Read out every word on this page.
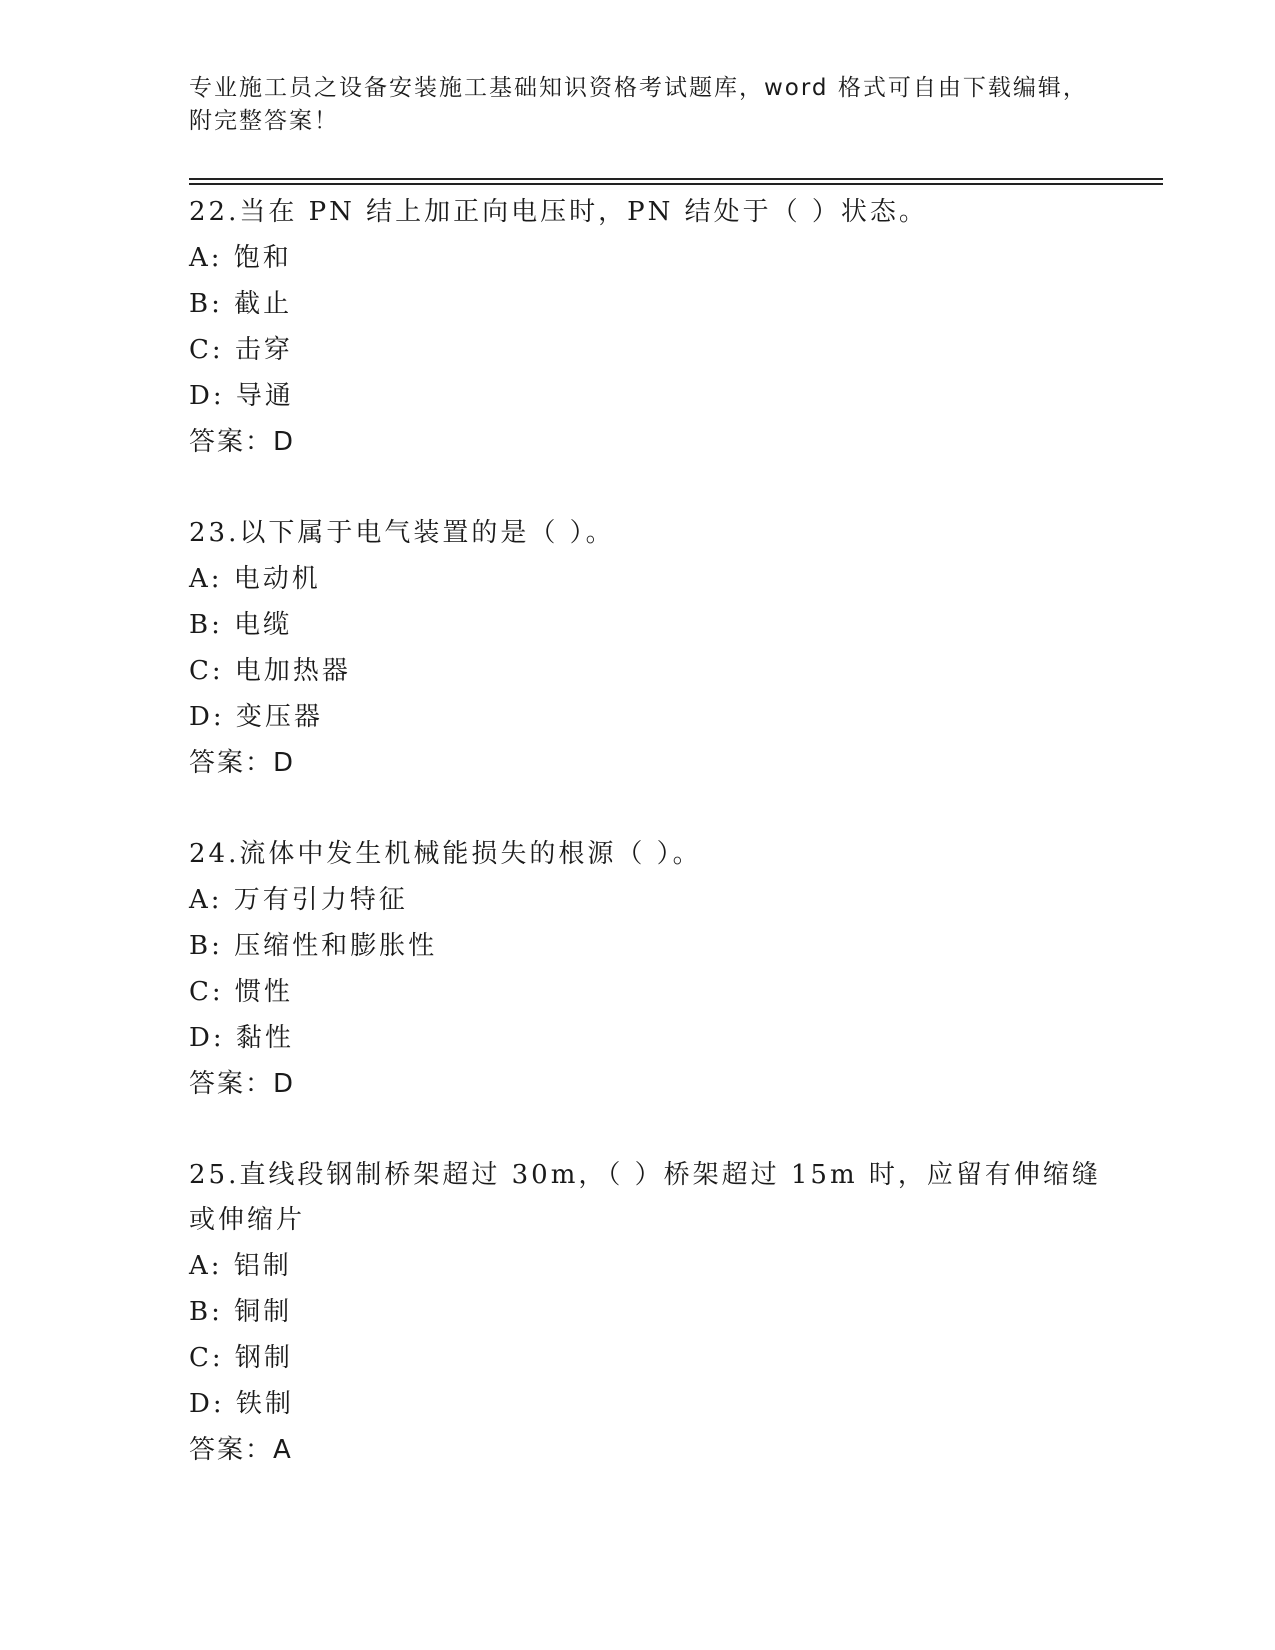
专业施工员之设备安装施工基础知识资格考试题库，word 格式可自由下载编辑，
附完整答案！
22.当在 PN 结上加正向电压时，PN 结处于（ ）状态。
A: 饱和
B: 截止
C: 击穿
D: 导通
答案：D
23.以下属于电气装置的是（ ）。
A: 电动机
B: 电缆
C: 电加热器
D: 变压器
答案：D
24.流体中发生机械能损失的根源（ ）。
A: 万有引力特征
B: 压缩性和膨胀性
C: 惯性
D: 黏性
答案：D
25.直线段钢制桥架超过 30m，（ ）桥架超过 15m 时，应留有伸缩缝或伸缩片
A: 铝制
B: 铜制
C: 钢制
D: 铁制
答案：A
